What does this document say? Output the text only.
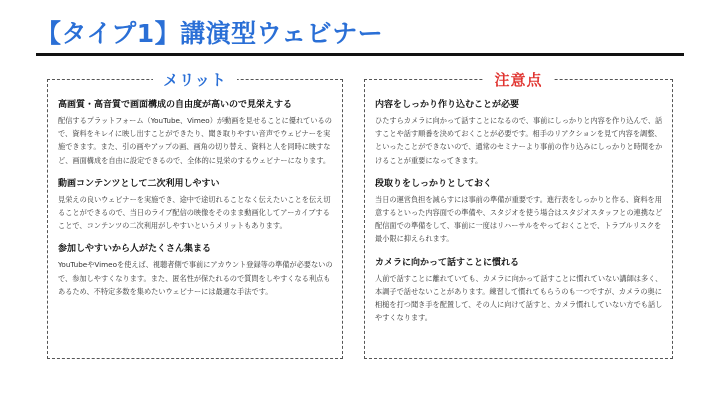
【タイプ1】講演型ウェビナー
メリット
高画質・高音質で画面構成の自由度が高いので見栄えする
配信するプラットフォーム（YouTube、Vimeo）が動画を見せることに優れているので、資料をキレイに映し出すことができたり、聞き取りやすい音声でウェビナーを実施できます。また、引の画やアップの画、画角の切り替え、資料と人を同時に映すなど、画面構成を自由に設定できるので、全体的に見栄のするウェビナーになります。
動画コンテンツとして二次利用しやすい
見栄えの良いウェビナーを実施でき、途中で途切れることなく伝えたいことを伝え切ることができるので、当日のライブ配信の映像をそのまま動画化してアーカイブすることで、コンテンツの二次利用がしやすいというメリットもあります。
参加しやすいから人がたくさん集まる
YouTubeやVimeoを使えば、視聴者側で事前にアカウント登録等の準備が必要ないので、参加しやすくなります。また、匿名性が保たれるので質問をしやすくなる利点もあるため、不特定多数を集めたいウェビナーには最適な手法です。
注意点
内容をしっかり作り込むことが必要
ひたすらカメラに向かって話すことになるので、事前にしっかりと内容を作り込んで、話すことや話す順番を決めておくことが必要です。相手のリアクションを見て内容を調整、といったことができないので、通常のセミナーより事前の作り込みにしっかりと時間をかけることが重要になってきます。
段取りをしっかりとしておく
当日の運営負担を減らすには事前の準備が重要です。進行表をしっかりと作る、資料を用意するといった内容面での準備や、スタジオを使う場合はスタジオスタッフとの連携など配信面での準備をして、事前に一度はリハーサルをやっておくことで、トラブルリスクを最小限に抑えられます。
カメラに向かって話すことに慣れる
人前で話すことに離れていても、カメラに向かって話すことに慣れていない講師は多く、本調子で話せないことがあります。練習して慣れてもらうのも一つですが、カメラの奥に相槌を打つ聞き手を配置して、その人に向けて話すと、カメラ慣れしていない方でも話しやすくなります。
